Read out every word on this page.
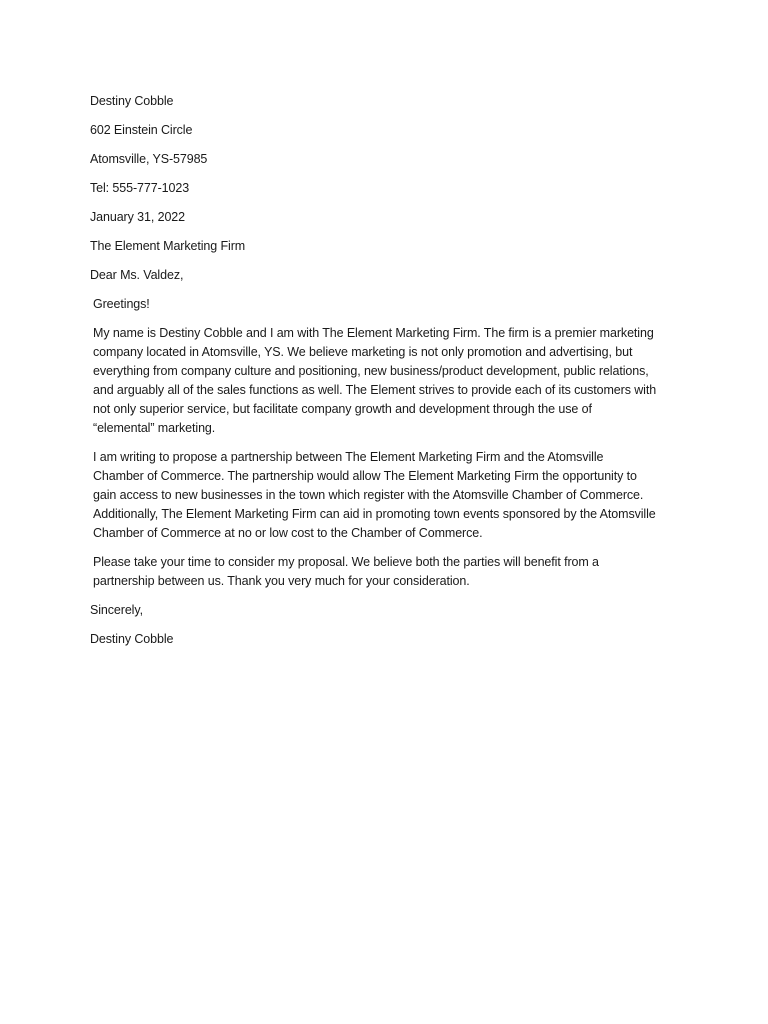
Destiny Cobble
602 Einstein Circle
Atomsville, YS-57985
Tel: 555-777-1023
January 31, 2022
The Element Marketing Firm
Dear Ms. Valdez,
Greetings!
My name is Destiny Cobble and I am with The Element Marketing Firm. The firm is a premier marketing
company located in Atomsville, YS. We believe marketing is not only promotion and advertising, but
everything from company culture and positioning, new business/product development, public relations,
and arguably all of the sales functions as well. The Element strives to provide each of its customers with
not only superior service, but facilitate company growth and development through the use of
“elemental” marketing.
I am writing to propose a partnership between The Element Marketing Firm and the Atomsville
Chamber of Commerce. The partnership would allow The Element Marketing Firm the opportunity to
gain access to new businesses in the town which register with the Atomsville Chamber of Commerce.
Additionally, The Element Marketing Firm can aid in promoting town events sponsored by the Atomsville
Chamber of Commerce at no or low cost to the Chamber of Commerce.
Please take your time to consider my proposal. We believe both the parties will benefit from a
partnership between us. Thank you very much for your consideration.
Sincerely,
Destiny Cobble
